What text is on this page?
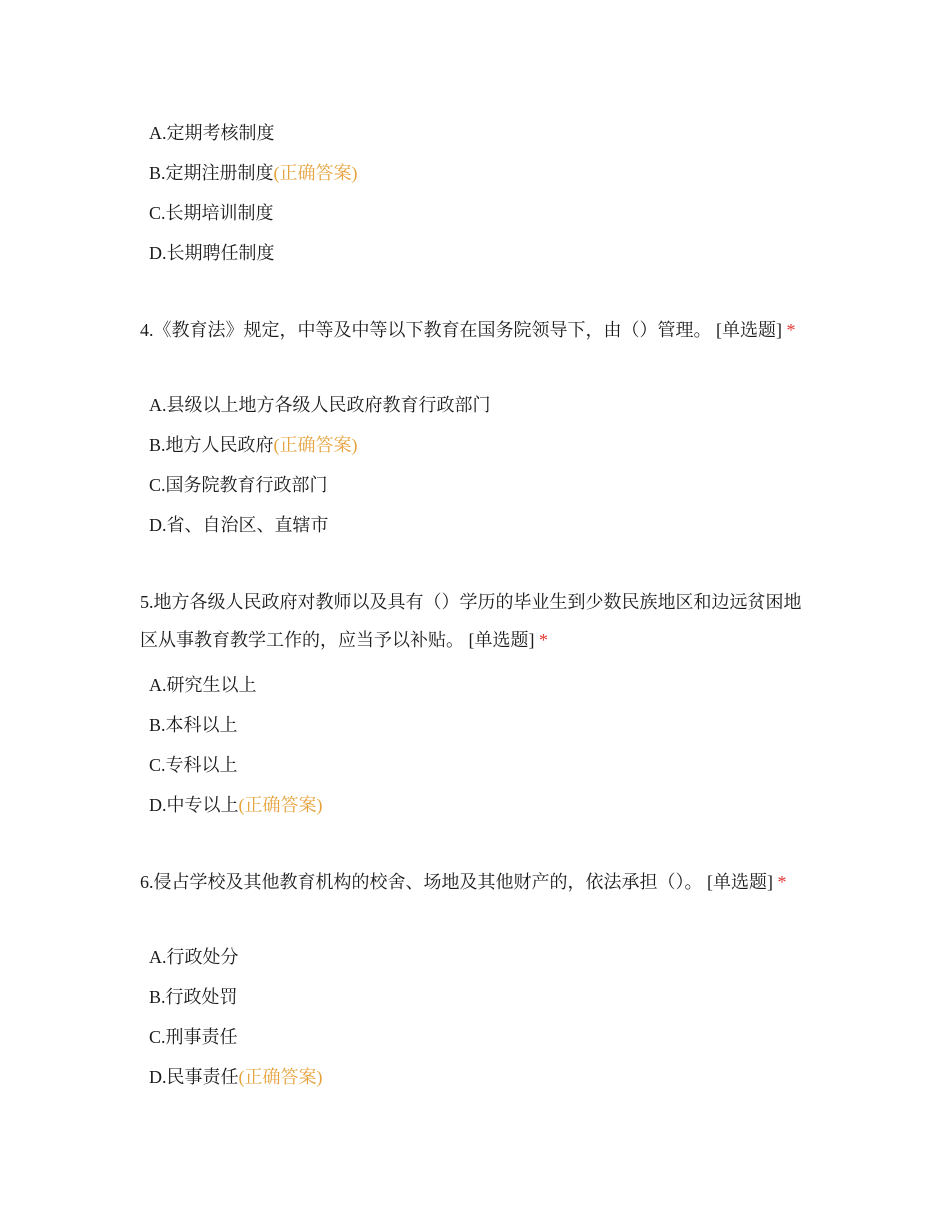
A.定期考核制度
B.定期注册制度(正确答案)
C.长期培训制度
D.长期聘任制度
4.《教育法》规定，中等及中等以下教育在国务院领导下，由（）管理。 [单选题] *
A.县级以上地方各级人民政府教育行政部门
B.地方人民政府(正确答案)
C.国务院教育行政部门
D.省、自治区、直辖市
5.地方各级人民政府对教师以及具有（）学历的毕业生到少数民族地区和边远贫困地区从事教育教学工作的，应当予以补贴。 [单选题] *
A.研究生以上
B.本科以上
C.专科以上
D.中专以上(正确答案)
6.侵占学校及其他教育机构的校舍、场地及其他财产的，依法承担（）。 [单选题] *
A.行政处分
B.行政处罚
C.刑事责任
D.民事责任(正确答案)
